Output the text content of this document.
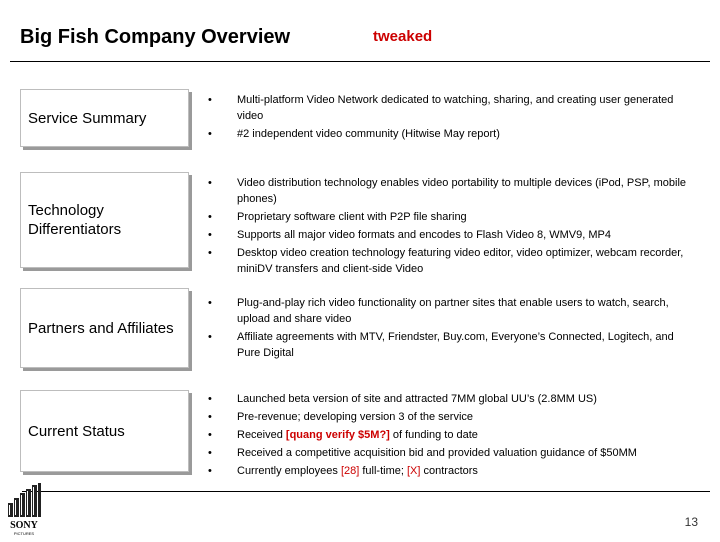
Big Fish Company Overview	tweaked
Service Summary
• Multi-platform Video Network dedicated to watching, sharing, and creating user generated video
• #2 independent video community (Hitwise May report)
Technology Differentiators
• Video distribution technology enables video portability to multiple devices (iPod, PSP, mobile phones)
• Proprietary software client with P2P file sharing
• Supports all major video formats and encodes to Flash Video 8, WMV9, MP4
• Desktop video creation technology featuring video editor, video optimizer, webcam recorder, miniDV transfers and client-side Video
Partners and Affiliates
• Plug-and-play rich video functionality on partner sites that enable users to watch, search, upload and share video
• Affiliate agreements with MTV, Friendster, Buy.com, Everyone’s Connected, Logitech, and Pure Digital
Current Status
• Launched beta version of site and attracted 7MM global UU’s (2.8MM US)
• Pre-revenue; developing version 3 of the service
• Received [quang verify $5M?] of funding to date
• Received a competitive acquisition bid and provided valuation guidance of $50MM
• Currently employees [28] full-time; [X] contractors
SONY
PICTURES
13
